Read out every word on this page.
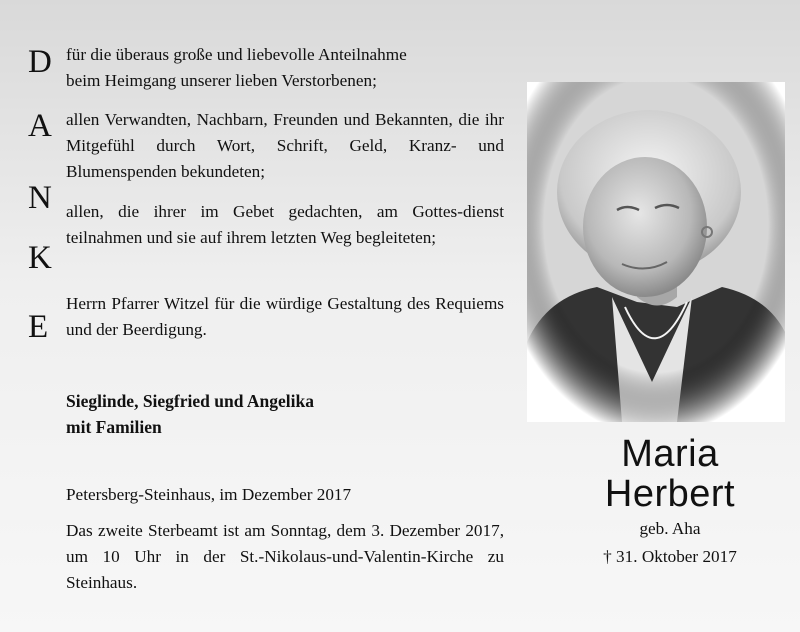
D
A
N
K
E
für die überaus große und liebevolle Anteilnahme
beim Heimgang unserer lieben Verstorbenen;
allen Verwandten, Nachbarn, Freunden und Bekannten, die ihr Mitgefühl durch Wort, Schrift, Geld, Kranz- und Blumenspenden bekundeten;
allen, die ihrer im Gebet gedachten, am Gottes-dienst teilnahmen und sie auf ihrem letzten Weg begleiteten;
Herrn Pfarrer Witzel für die würdige Gestaltung des Requiems und der Beerdigung.
Sieglinde, Siegfried und Angelika
mit Familien
Petersberg-Steinhaus, im Dezember 2017
Das zweite Sterbeamt ist am Sonntag, dem 3. Dezember 2017, um 10 Uhr in der St.-Nikolaus-und-Valentin-Kirche zu Steinhaus.
Maria
Herbert
geb. Aha
† 31. Oktober 2017
